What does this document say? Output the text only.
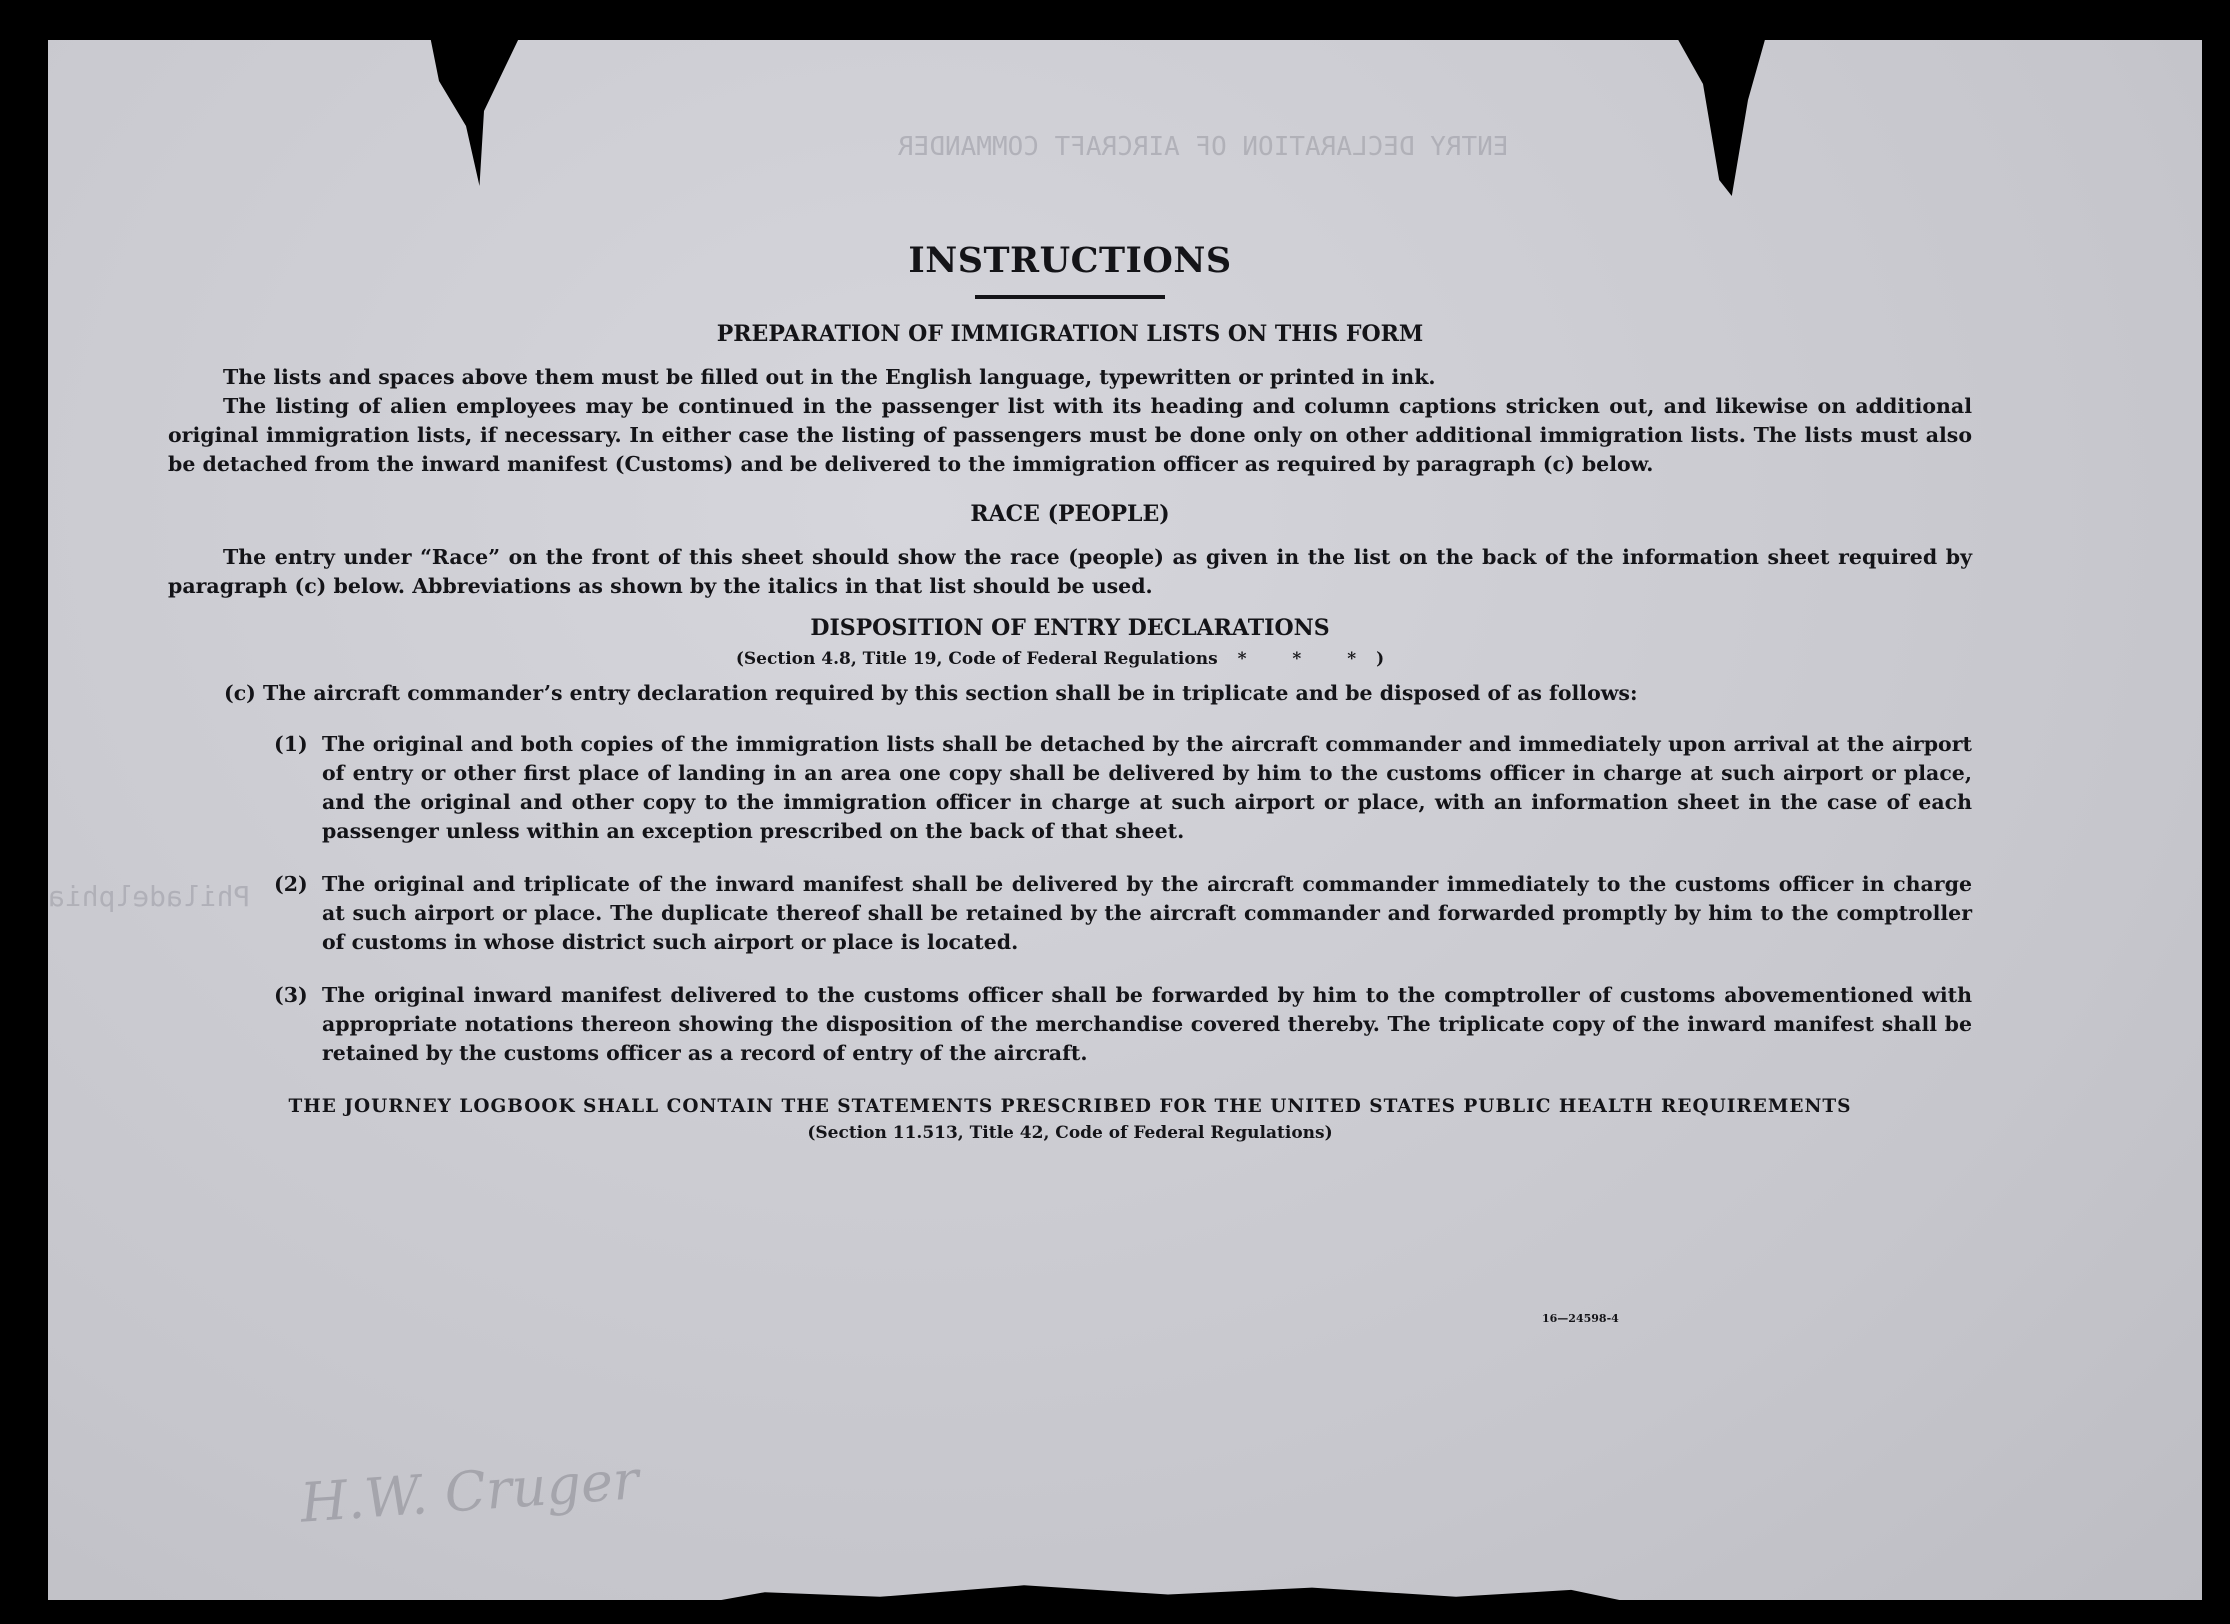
ENTRY DECLARATION OF AIRCRAFT COMMANDER
Philadelphia
INSTRUCTIONS
PREPARATION OF IMMIGRATION LISTS ON THIS FORM

The lists and spaces above them must be filled out in the English language, typewritten or printed in ink.

The listing of alien employees may be continued in the passenger list with its heading and column captions stricken out, and likewise on additional original immigration lists, if necessary. In either case the listing of passengers must be done only on other additional immigration lists. The lists must also be detached from the inward manifest (Customs) and be delivered to the immigration officer as required by paragraph (c) below.

RACE (PEOPLE)

The entry under “Race” on the front of this sheet should show the race (people) as given in the list on the back of the information sheet required by paragraph (c) below. Abbreviations as shown by the italics in that list should be used.

DISPOSITION OF ENTRY DECLARATIONS
(Section 4.8, Title 19, Code of Federal Regulations * * *)

(c) The aircraft commander’s entry declaration required by this section shall be in triplicate and be disposed of as follows:

(1) The original and both copies of the immigration lists shall be detached by the aircraft commander and immediately upon arrival at the airport of entry or other first place of landing in an area one copy shall be delivered by him to the customs officer in charge at such airport or place, and the original and other copy to the immigration officer in charge at such airport or place, with an information sheet in the case of each passenger unless within an exception prescribed on the back of that sheet.
(2) The original and triplicate of the inward manifest shall be delivered by the aircraft commander immediately to the customs officer in charge at such airport or place. The duplicate thereof shall be retained by the aircraft commander and forwarded promptly by him to the comptroller of customs in whose district such airport or place is located.
(3) The original inward manifest delivered to the customs officer shall be forwarded by him to the comptroller of customs abovementioned with appropriate notations thereon showing the disposition of the merchandise covered thereby. The triplicate copy of the inward manifest shall be retained by the customs officer as a record of entry of the aircraft.
THE JOURNEY LOGBOOK SHALL CONTAIN THE STATEMENTS PRESCRIBED FOR THE UNITED STATES PUBLIC HEALTH REQUIREMENTS
(Section 11.513, Title 42, Code of Federal Regulations)
16—24598-4
H.W. Cruger
